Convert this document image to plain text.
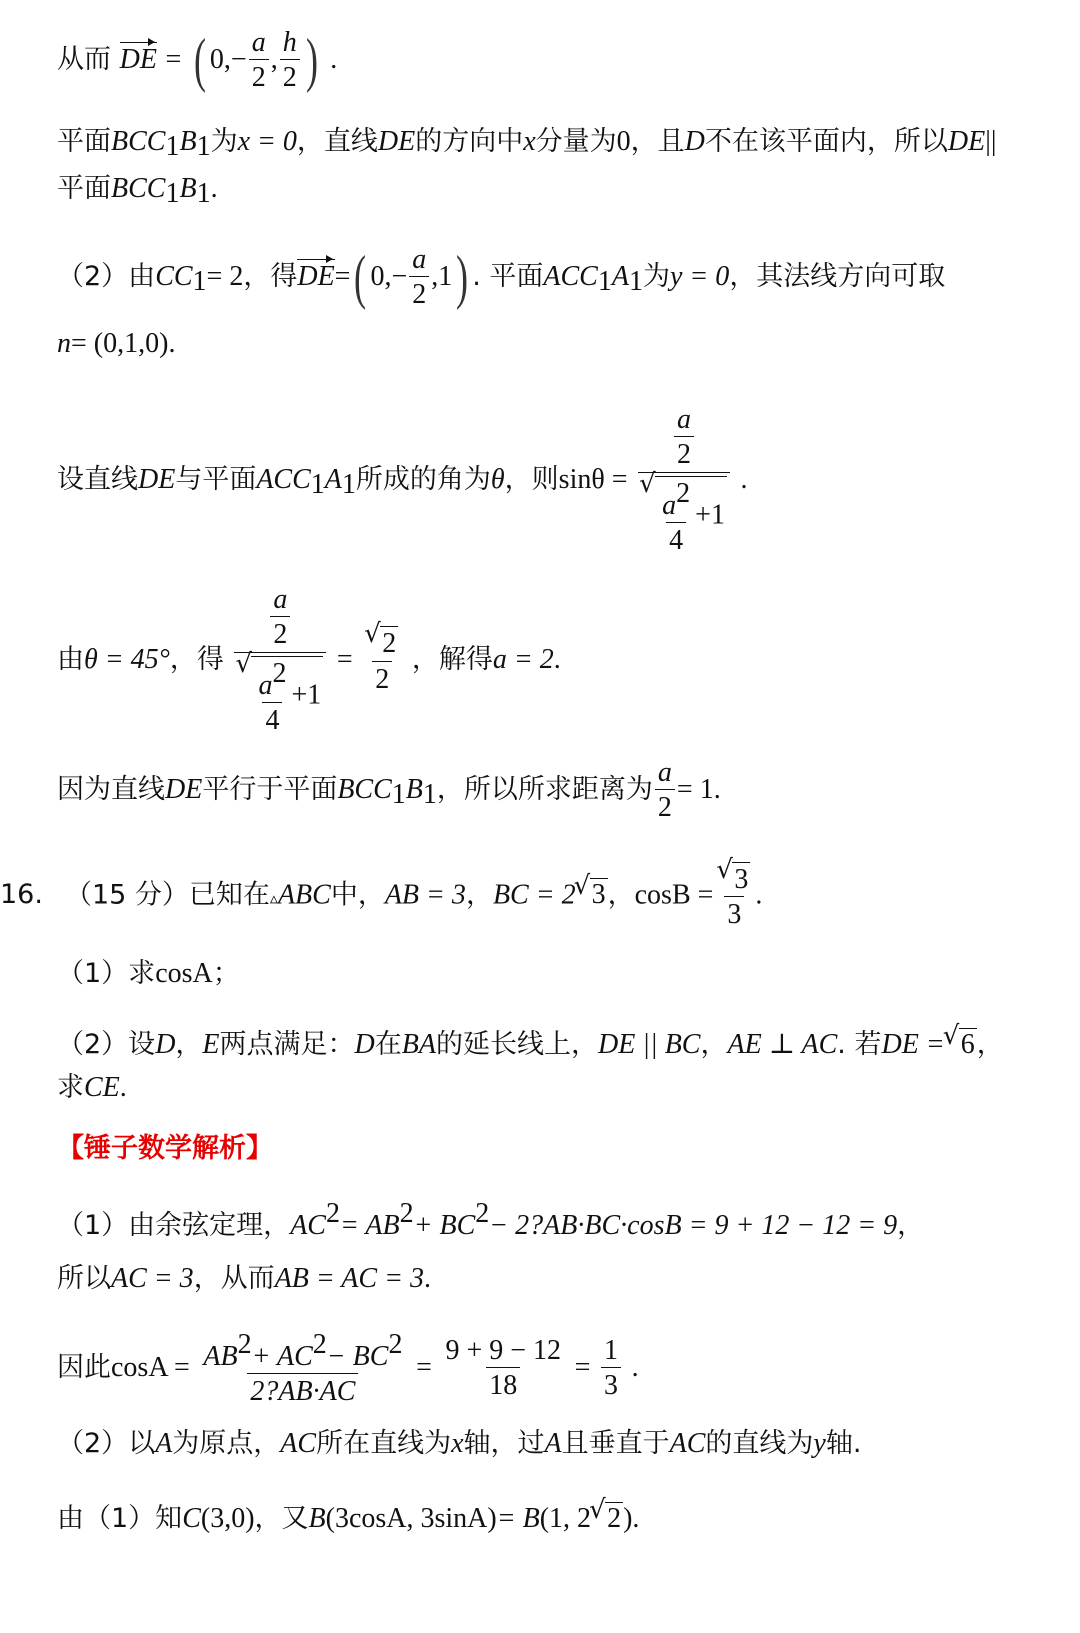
从而 DE = ( $0,- \frac{a}{2}$ , $\frac{h}{2}$ ) .
平面$BCC_1B_1$为x = 0，直线DE的方向中x分量为0，且D不在该平面内，所以DE||
平面$BCC_1B_1$.
（2）由$CC_1= 2$，得DE=( $0,- \frac{a}{2} ,1$) . 平面$ACC_1A_1$为y = 0，其法线方向可取
n= (0,1,0).
设直线DE与平面$ACC_1A_1$所成的角为θ，则$\sin\theta = \frac{a}{2}$
√ $\frac{a^2}{4} +1$ .
由θ = 45°，得 $\frac{a}{2}$
√ $\frac{a^2}{4} +1$ = √ $\frac{2}{2}$ ，解得a = 2.
因为直线DE平行于平面$BCC_1B_1$，所以所求距离为 $\frac{a}{2} = 1$.
16. （15 分）已知在▵ABC中，AB = 3，BC = 2 √ 3，cosB = √ $\frac{3}{3}$ .
（1）求cosA；
（2）设D，E两点满足：D在BA的延长线上，DE || BC，AE ⊥ AC. 若DE = √ 6，
求CE.
【锤子数学解析】
（1）由余弦定理，$AC^2= AB^2+ BC^2-$ 2?AB·BC·cosB = 9 + 12 − 12 = 9，
所以AC = 3，从而AB = AC = 3.
因此$\cos A = \frac{AB^2+ AC^2- BC^2}{2?AB\cdot AC} = \frac{9 + 9 - 12}{18} = \frac{1}{3}$ .
（2）以A为原点，AC所在直线为x轴，过A且垂直于AC的直线为y轴.
由（1）知C(3,0)，又B(3cosA, 3sinA)= B(1, 2 √ 2).
